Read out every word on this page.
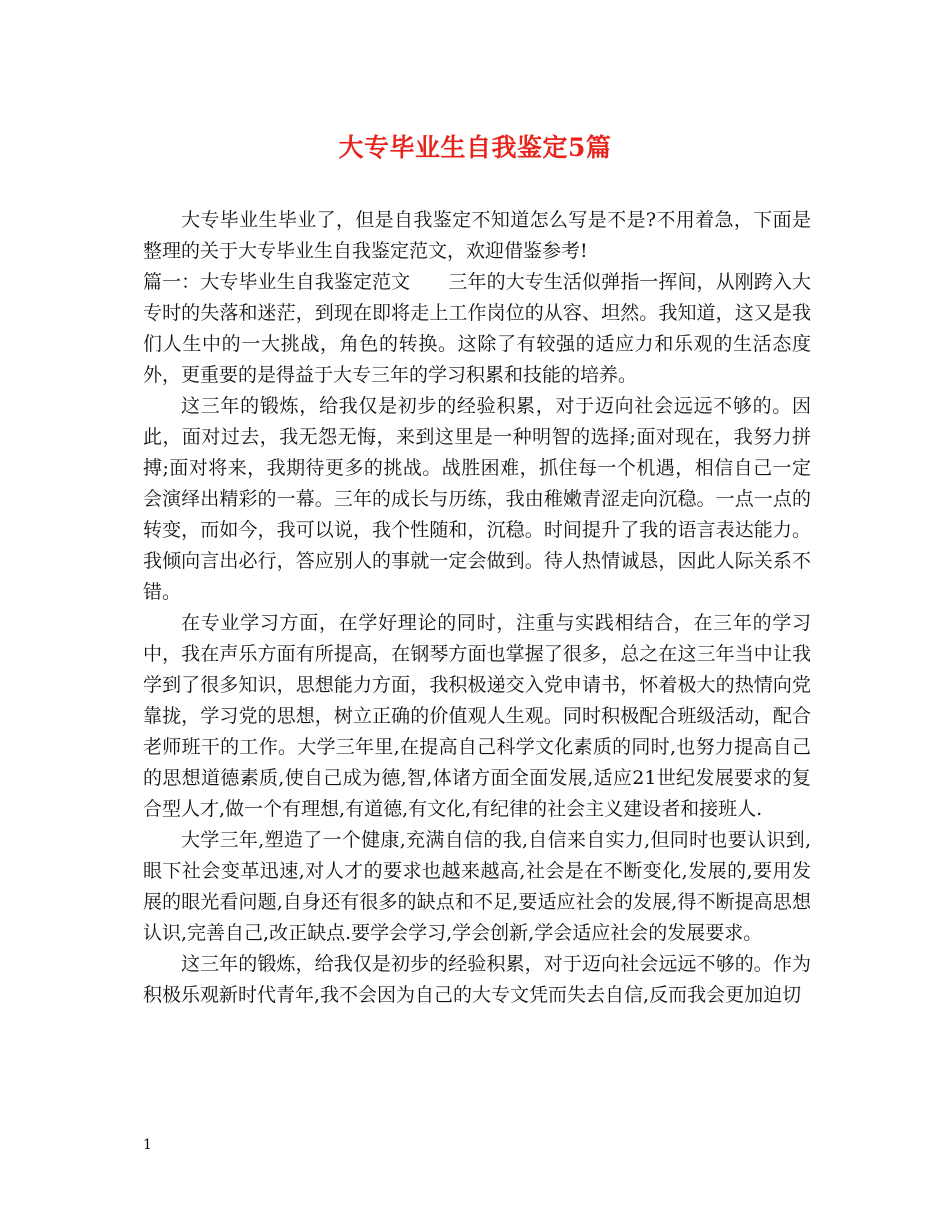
大专毕业生自我鉴定5篇

大专毕业生毕业了，但是自我鉴定不知道怎么写是不是?不用着急，下面是整理的关于大专毕业生自我鉴定范文，欢迎借鉴参考!

篇一：大专毕业生自我鉴定范文　　三年的大专生活似弹指一挥间，从刚跨入大专时的失落和迷茫，到现在即将走上工作岗位的从容、坦然。我知道，这又是我们人生中的一大挑战，角色的转换。这除了有较强的适应力和乐观的生活态度外，更重要的是得益于大专三年的学习积累和技能的培养。

这三年的锻炼，给我仅是初步的经验积累，对于迈向社会远远不够的。因此，面对过去，我无怨无悔，来到这里是一种明智的选择;面对现在，我努力拼搏;面对将来，我期待更多的挑战。战胜困难，抓住每一个机遇，相信自己一定会演绎出精彩的一幕。三年的成长与历练，我由稚嫩青涩走向沉稳。一点一点的转变，而如今，我可以说，我个性随和，沉稳。时间提升了我的语言表达能力。我倾向言出必行，答应别人的事就一定会做到。待人热情诚恳，因此人际关系不错。

在专业学习方面，在学好理论的同时，注重与实践相结合，在三年的学习中，我在声乐方面有所提高，在钢琴方面也掌握了很多，总之在这三年当中让我学到了很多知识，思想能力方面，我积极递交入党申请书，怀着极大的热情向党靠拢，学习党的思想，树立正确的价值观人生观。同时积极配合班级活动，配合老师班干的工作。大学三年里,在提高自己科学文化素质的同时,也努力提高自己的思想道德素质,使自己成为德,智,体诸方面全面发展,适应21世纪发展要求的复合型人才,做一个有理想,有道德,有文化,有纪律的社会主义建设者和接班人.

大学三年,塑造了一个健康,充满自信的我,自信来自实力,但同时也要认识到,眼下社会变革迅速,对人才的要求也越来越高,社会是在不断变化,发展的,要用发展的眼光看问题,自身还有很多的缺点和不足,要适应社会的发展,得不断提高思想认识,完善自己,改正缺点.要学会学习,学会创新,学会适应社会的发展要求。

这三年的锻炼，给我仅是初步的经验积累，对于迈向社会远远不够的。作为积极乐观新时代青年,我不会因为自己的大专文凭而失去自信,反而我会更加迫切

1
